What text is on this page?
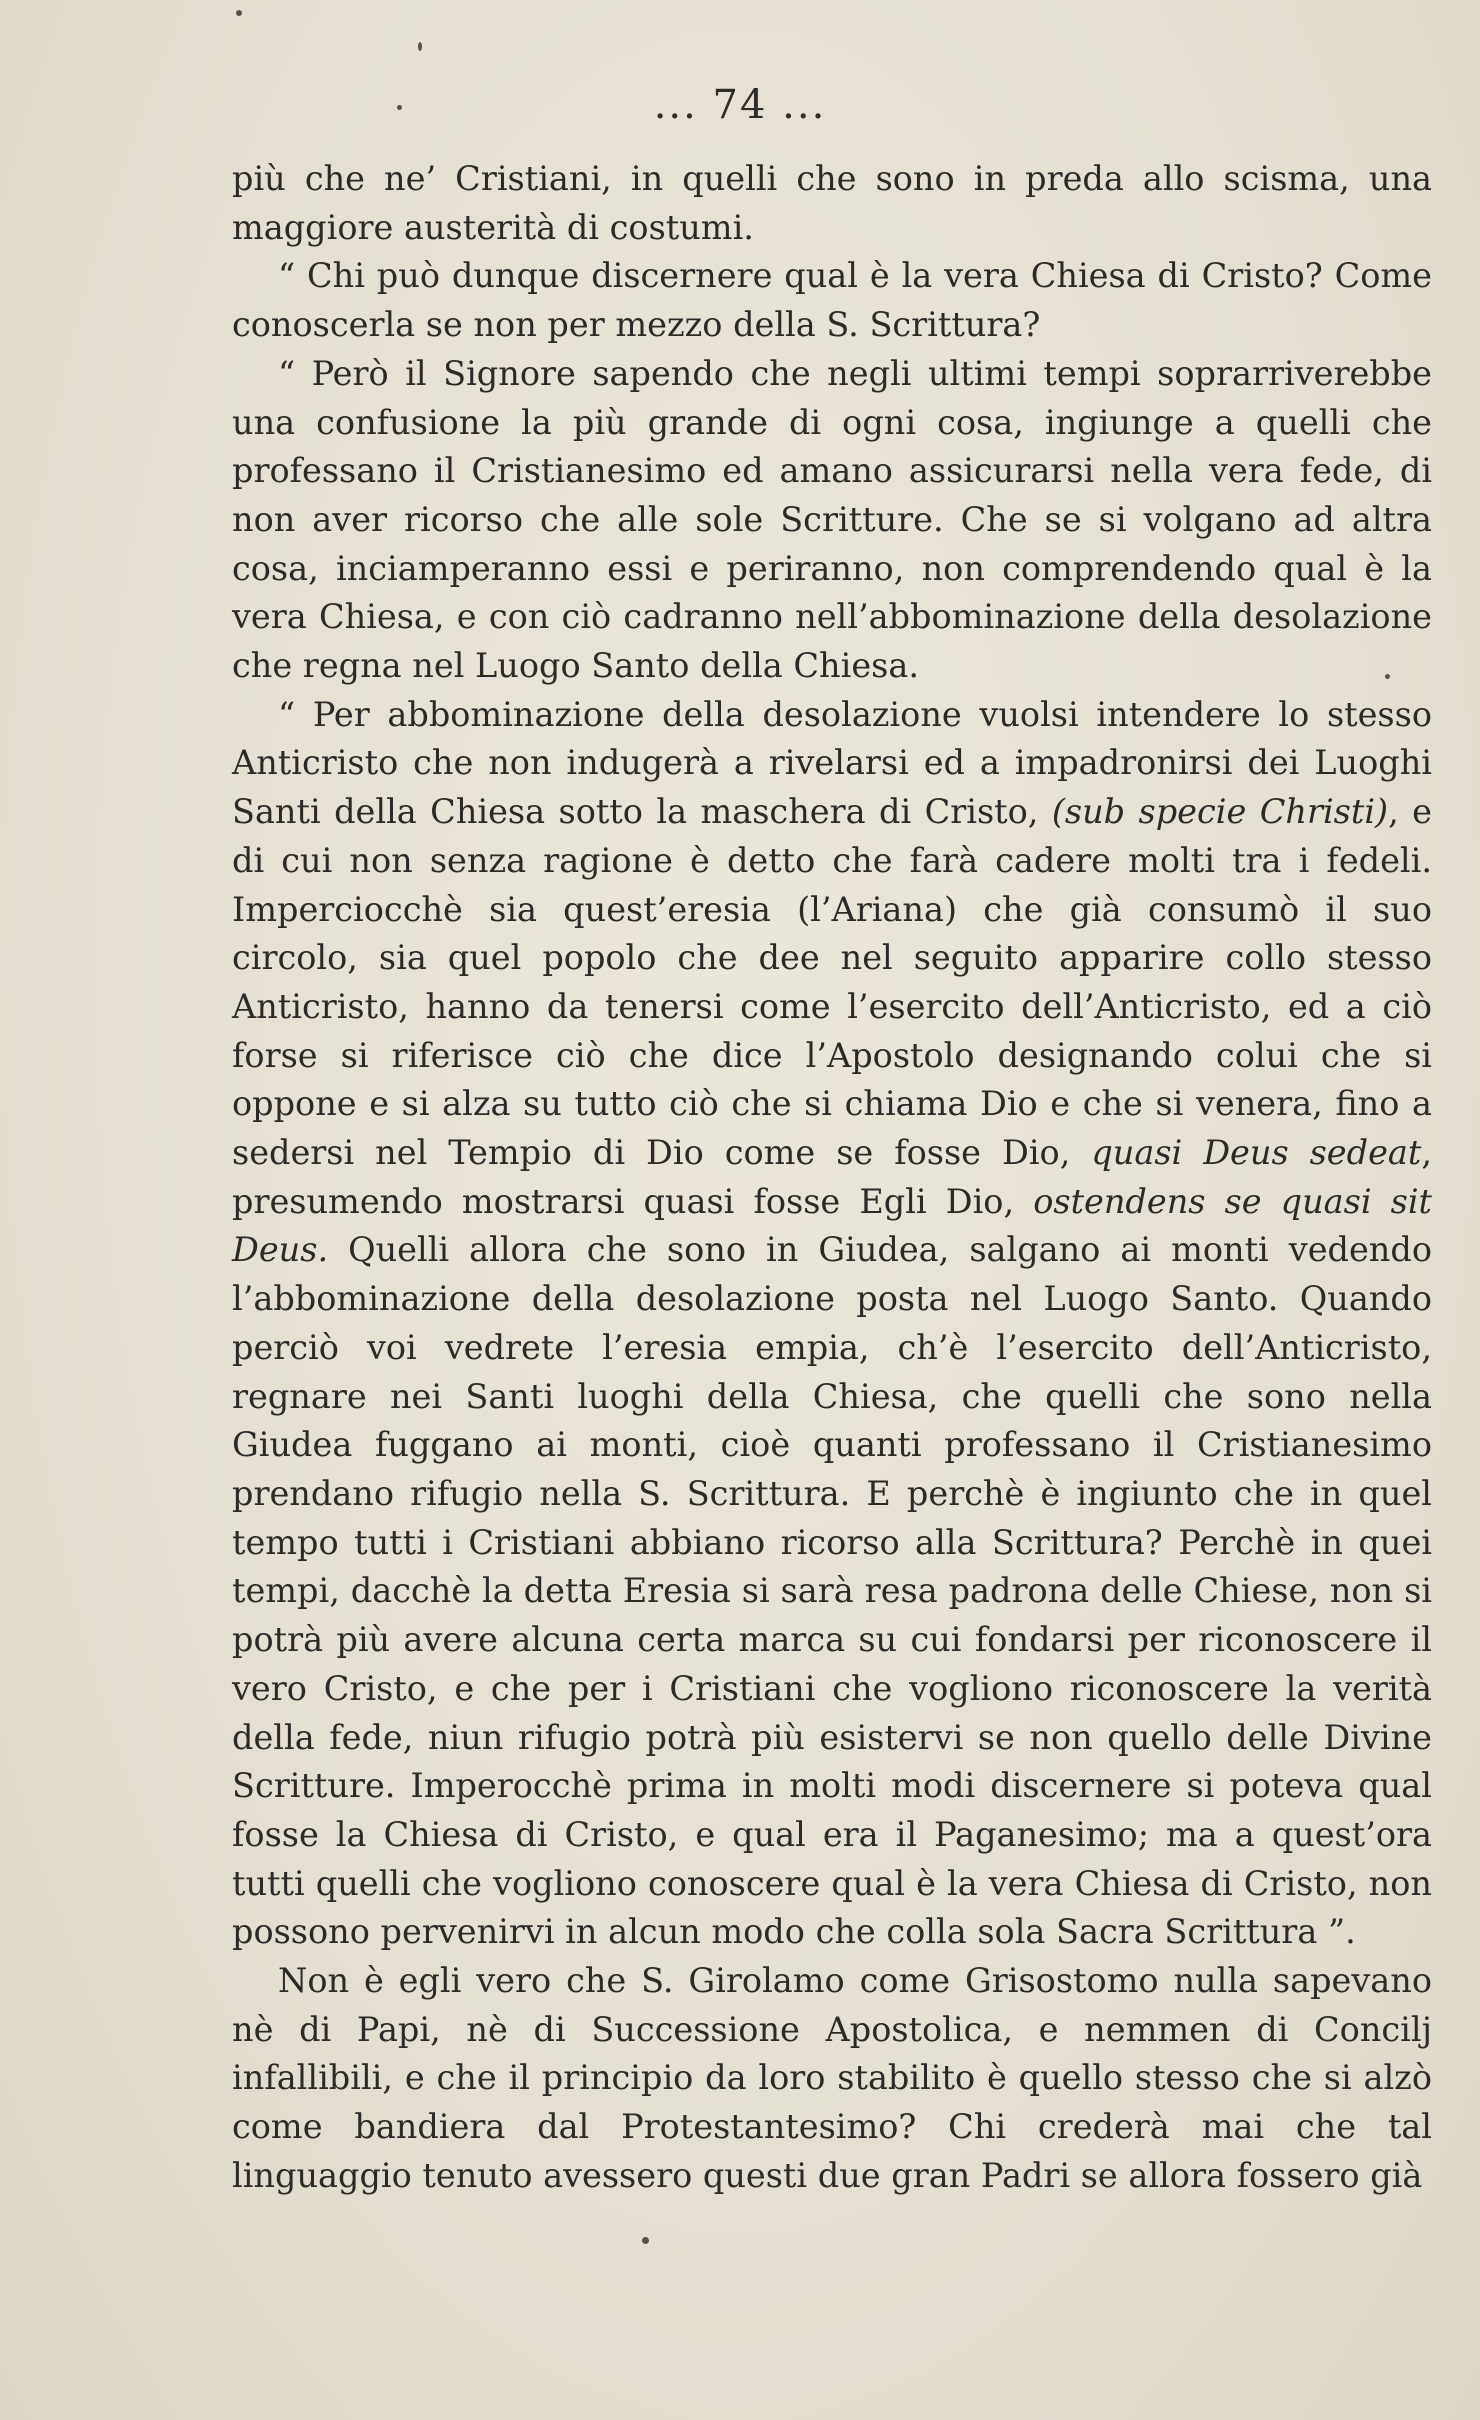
... 74 ...

più che ne’ Cristiani, in quelli che sono in preda allo scisma, una maggiore austerità di costumi.

“ Chi può dunque discernere qual è la vera Chiesa di Cristo? Come conoscerla se non per mezzo della S. Scrittura?

“ Però il Signore sapendo che negli ultimi tempi soprarriverebbe una confusione la più grande di ogni cosa, ingiunge a quelli che professano il Cristianesimo ed amano assicurarsi nella vera fede, di non aver ricorso che alle sole Scritture. Che se si volgano ad altra cosa, inciamperanno essi e periranno, non comprendendo qual è la vera Chiesa, e con ciò cadranno nell’abbominazione della desolazione che regna nel Luogo Santo della Chiesa.

“ Per abbominazione della desolazione vuolsi intendere lo stesso Anticristo che non indugerà a rivelarsi ed a impadronirsi dei Luoghi Santi della Chiesa sotto la maschera di Cristo, (sub specie Christi), e di cui non senza ragione è detto che farà cadere molti tra i fedeli. Imperciocchè sia quest’eresia (l’Ariana) che già consumò il suo circolo, sia quel popolo che dee nel seguito apparire collo stesso Anticristo, hanno da tenersi come l’esercito dell’Anticristo, ed a ciò forse si riferisce ciò che dice l’Apostolo designando colui che si oppone e si alza su tutto ciò che si chiama Dio e che si venera, fino a sedersi nel Tempio di Dio come se fosse Dio, quasi Deus sedeat, presumendo mostrarsi quasi fosse Egli Dio, ostendens se quasi sit Deus. Quelli allora che sono in Giudea, salgano ai monti vedendo l’abbominazione della desolazione posta nel Luogo Santo. Quando perciò voi vedrete l’eresia empia, ch’è l’esercito dell’Anticristo, regnare nei Santi luoghi della Chiesa, che quelli che sono nella Giudea fuggano ai monti, cioè quanti professano il Cristianesimo prendano rifugio nella S. Scrittura. E perchè è ingiunto che in quel tempo tutti i Cristiani abbiano ricorso alla Scrittura? Perchè in quei tempi, dacchè la detta Eresia si sarà resa padrona delle Chiese, non si potrà più avere alcuna certa marca su cui fondarsi per riconoscere il vero Cristo, e che per i Cristiani che vogliono riconoscere la verità della fede, niun rifugio potrà più esistervi se non quello delle Divine Scritture. Imperocchè prima in molti modi discernere si poteva qual fosse la Chiesa di Cristo, e qual era il Paganesimo; ma a quest’ora tutti quelli che vogliono conoscere qual è la vera Chiesa di Cristo, non possono pervenirvi in alcun modo che colla sola Sacra Scrittura ”.

Non è egli vero che S. Girolamo come Grisostomo nulla sapevano nè di Papi, nè di Successione Apostolica, e nemmen di Concilj infallibili, e che il principio da loro stabilito è quello stesso che si alzò come bandiera dal Protestantesimo? Chi crederà mai che tal linguaggio tenuto avessero questi due gran Padri se allora fossero già
